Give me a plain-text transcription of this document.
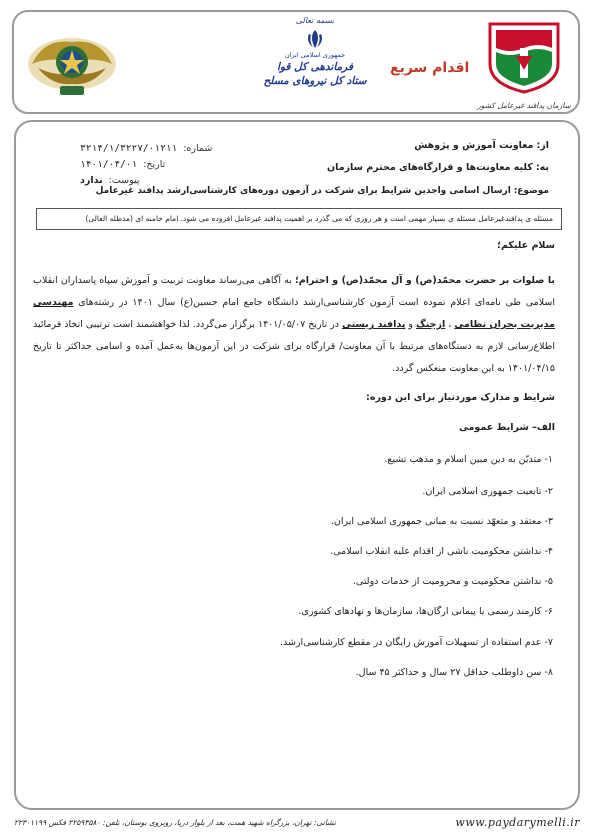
بسمه تعالی
جمهوری اسلامی ایران
فرماندهی کل قوا
ستاد کل نیروهای مسلح
اقدام سریع
سازمان پدافند غیرعامل کشور
۳۲۱۴/۱/۳۲۲۷/۰۱۲۱۱ شماره:
۱۴۰۱/۰۴/۰۱ تاریخ:
ندارد پیوست:
از: معاونت آموزش و پژوهش
به: کلیه معاونت‌ها و قرارگاه‌های محترم سازمان
موضوع: ارسال اسامی واجدین شرایط برای شرکت در آزمون دوره‌های کارشناسی‌ارشد پدافند غیرعامل
مسئله ی پدافندغیرعامل مسئله ی بسیار مهمی است و هر روزی که می گذرد بر اهمیت پدافند غیرعامل افزوده می شود. امام خامنه ای (مدظله العالی)
سلام علیکم؛
با صلوات بر حضرت محمّد(ص) و آل محمّد(ص) و احترام؛ به آگاهی می‌رساند معاونت تربیت و آموزش سپاه پاسداران انقلاب اسلامی طی نامه‌ای اعلام نموده است آزمون کارشناسی‌ارشد دانشگاه جامع امام حسین(ع) سال ۱۴۰۱ در رشته‌های مهندسی مدیریت بحران نظامی ، ازجنگ و پدافند زیستی در تاریخ ۱۴۰۱/۰۵/۰۷ برگزار می‌گردد. لذا خواهشمند است ترتیبی اتخاذ فرمائید اطلاع‌رسانی لازم به دستگاه‌های مرتبط با آن معاونت/ قرارگاه برای شرکت در این آزمون‌ها به‌عمل آمده و اسامی حداکثر تا تاریخ ۱۴۰۱/۰۴/۱۵ به این معاونت منعکس گردد.
شرایط و مدارک موردنیاز برای این دوره:
الف– شرایط عمومی
۱- متدیّن به دین مبین اسلام و مذهب تشیع.
۲- تابعیت جمهوری اسلامی ایران.
۳- معتقد و متعهّد نسبت به مبانی جمهوری اسلامی ایران.
۴- نداشتن محکومیت ناشی از اقدام علیه انقلاب اسلامی.
۵- نداشتن محکومیت و محرومیت از خدمات دولتی.
۶- کارمند رسمی یا پیمانی ارگان‌ها، سازمان‌ها و نهادهای کشوری.
۷- عدم استفاده از تسهیلات آموزش رایگان در مقطع کارشناسی‌ارشد.
۸- سن داوطلب حداقل ۲۷ سال و حداکثر ۴۵ سال.
www.paydarymelli.ir
نشانی: تهران، بزرگراه شهید همت، بعد از بلوار دریا، روبروی بوستان، تلفن: ۲۲۵۹۳۵۸۰ فکس ۲۲۳۰۱۱۹۹
